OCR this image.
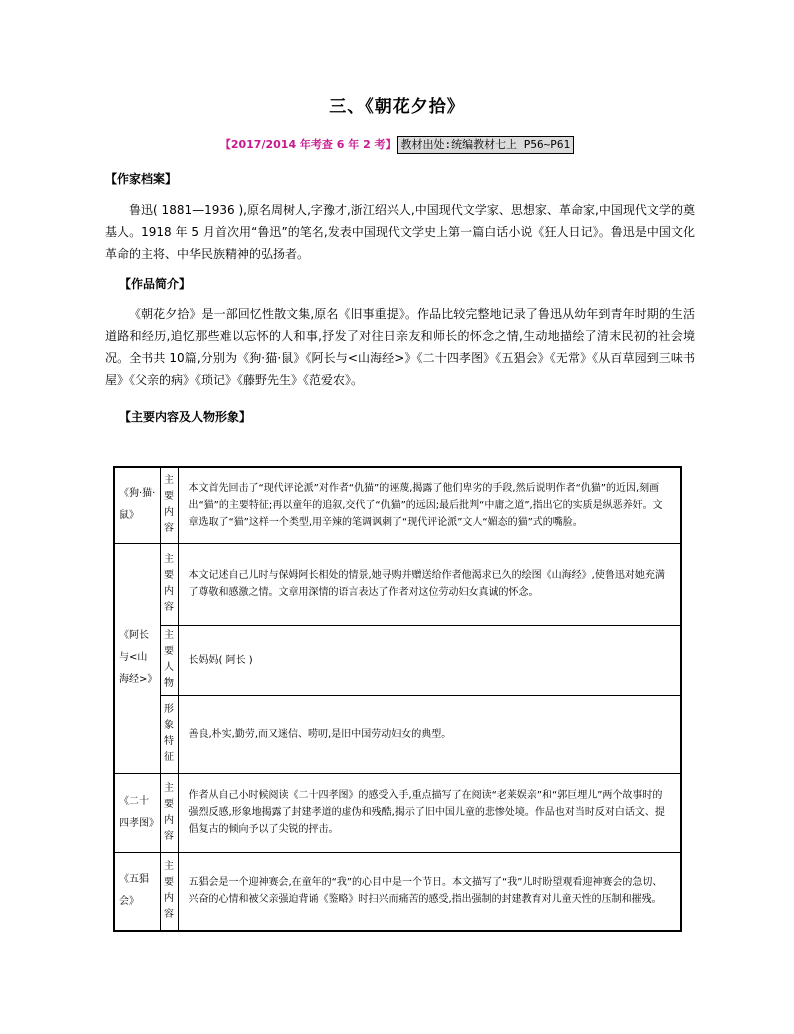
三、《朝花夕拾》
【2017/2014 年考查 6 年 2 考】 教材出处:统编教材七上 P56~P61
【作家档案】
鲁迅( 1881—1936 ),原名周树人,字豫才,浙江绍兴人,中国现代文学家、思想家、革命家,中国现代文学的奠基人。1918 年 5 月首次用“鲁迅”的笔名,发表中国现代文学史上第一篇白话小说《狂人日记》。鲁迅是中国文化革命的主将、中华民族精神的弘扬者。
【作品简介】
《朝花夕拾》是一部回忆性散文集,原名《旧事重提》。作品比较完整地记录了鲁迅从幼年到青年时期的生活道路和经历,追忆那些难以忘怀的人和事,抒发了对往日亲友和师长的怀念之情,生动地描绘了清末民初的社会境况。全书共 10篇,分别为《狗·猫·鼠》《阿长与<山海经>》《二十四孝图》《五猖会》《无常》《从百草园到三味书屋》《父亲的病》《琐记》《藤野先生》《范爱农》。
【主要内容及人物形象】
《狗·猫·鼠》	主要内容	本文首先回击了“现代评论派”对作者“仇猫”的诬蔑,揭露了他们卑劣的手段,然后说明作者“仇猫”的近因,刻画出“猫”的主要特征;再以童年的追叙,交代了“仇猫”的远因;最后批判“中庸之道”,指出它的实质是纵恶养奸。文章选取了“猫”这样一个类型,用辛辣的笔调讽刺了“现代评论派”文人“媚态的猫”式的嘴脸。
《阿长与<山海经>》	主要内容	本文记述自己儿时与保姆阿长相处的情景,她寻购并赠送给作者他渴求已久的绘图《山海经》,使鲁迅对她充满了尊敬和感激之情。文章用深情的语言表达了作者对这位劳动妇女真诚的怀念。
	主要人物	长妈妈( 阿长 )
	形象特征	善良,朴实,勤劳,而又迷信、唠叨,是旧中国劳动妇女的典型。
《二十四孝图》	主要内容	作者从自己小时候阅读《二十四孝图》的感受入手,重点描写了在阅读“老莱娱亲”和“郭巨埋儿”两个故事时的强烈反感,形象地揭露了封建孝道的虚伪和残酷,揭示了旧中国儿童的悲惨处境。作品也对当时反对白话文、提倡复古的倾向予以了尖锐的抨击。
《五猖会》	主要内容	五猖会是一个迎神赛会,在童年的“我”的心目中是一个节日。本文描写了“我”儿时盼望观看迎神赛会的急切、兴奋的心情和被父亲强迫背诵《鉴略》时扫兴而痛苦的感受,指出强制的封建教育对儿童天性的压制和摧残。
